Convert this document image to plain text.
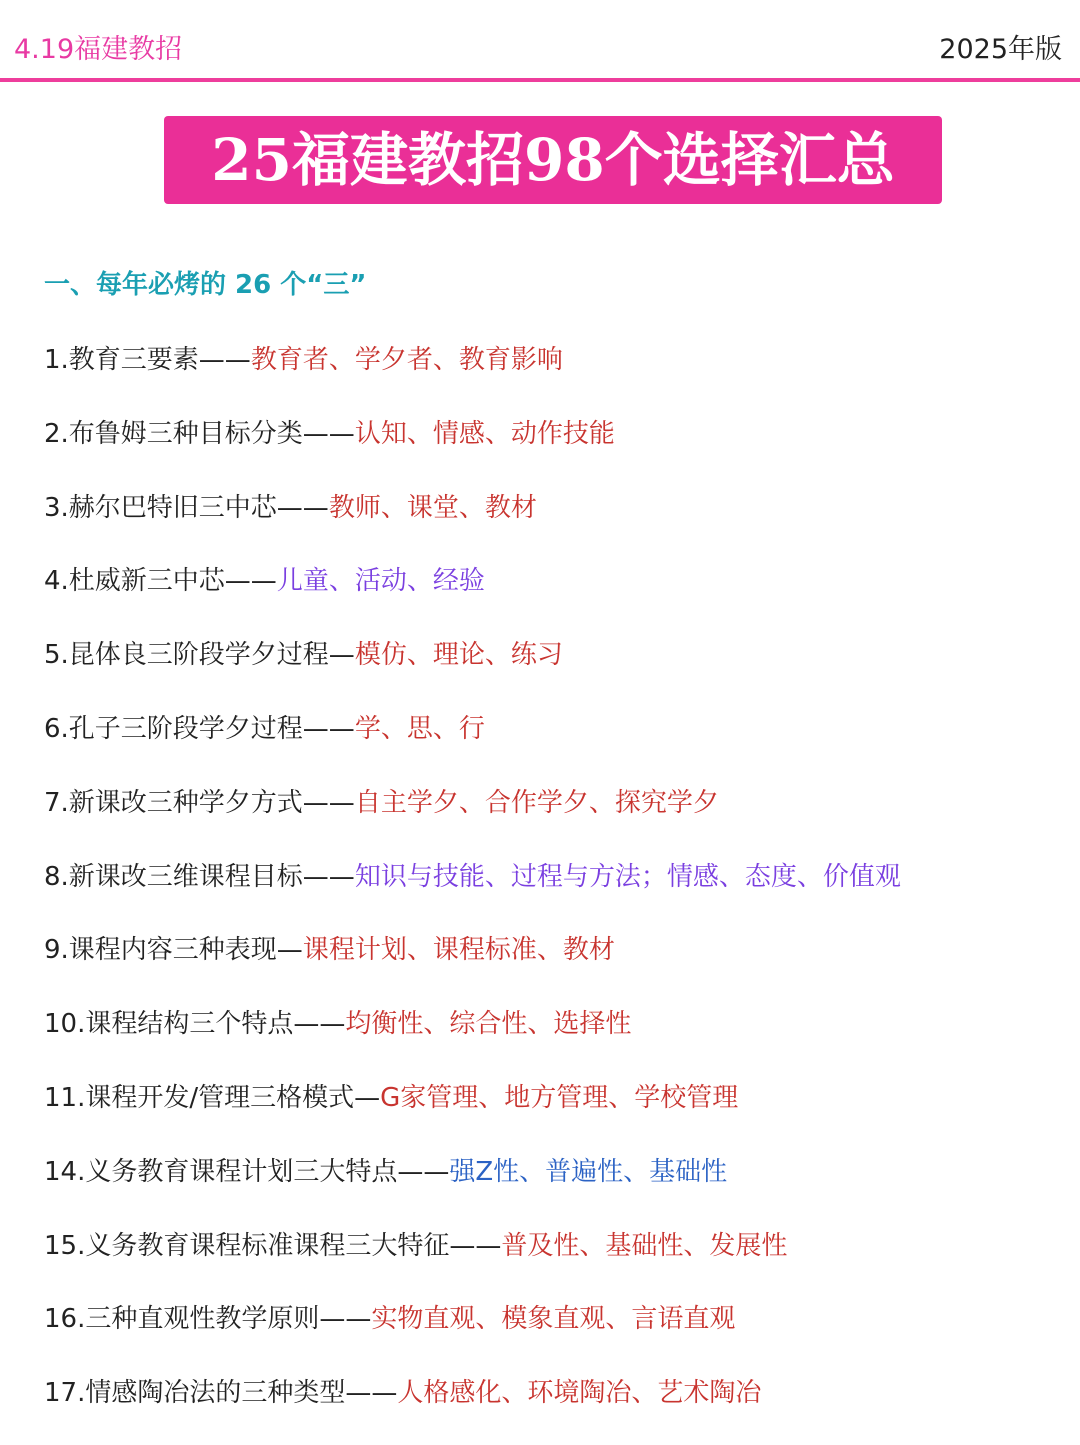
4.19福建教招	2025年版
25福建教招98个选择汇总
一、每年必烤的 26 个“三”
1.教育三要素——教育者、学夕者、教育影响
2.布鲁姆三种目标分类——认知、情感、动作技能
3.赫尔巴特旧三中芯——教师、课堂、教材
4.杜威新三中芯——儿童、活动、经验
5.昆体良三阶段学夕过程—模仿、理论、练习
6.孔子三阶段学夕过程——学、思、行
7.新课改三种学夕方式——自主学夕、合作学夕、探究学夕
8.新课改三维课程目标——知识与技能、过程与方法；情感、态度、价值观
9.课程内容三种表现—课程计划、课程标准、教材
10.课程结构三个特点——均衡性、综合性、选择性
11.课程开发/管理三格模式—G家管理、地方管理、学校管理
14.义务教育课程计划三大特点——强Z性、普遍性、基础性
15.义务教育课程标准课程三大特征——普及性、基础性、发展性
16.三种直观性教学原则——实物直观、模象直观、言语直观
17.情感陶冶法的三种类型——人格感化、环境陶冶、艺术陶冶
